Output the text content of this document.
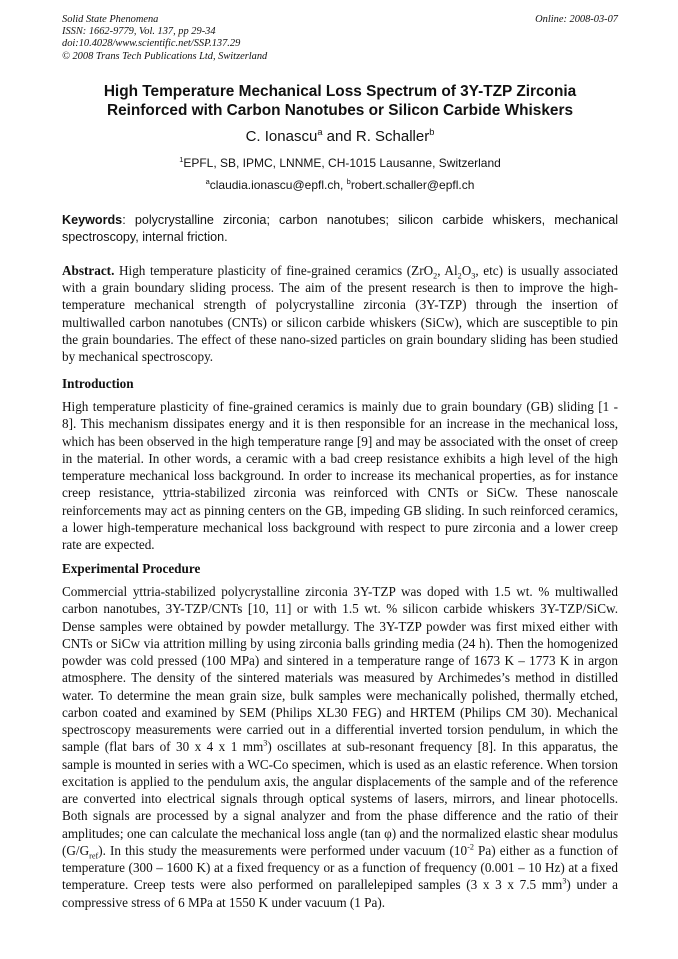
Solid State Phenomena
ISSN: 1662-9779, Vol. 137, pp 29-34
doi:10.4028/www.scientific.net/SSP.137.29
© 2008 Trans Tech Publications Ltd, Switzerland
Online: 2008-03-07
High Temperature Mechanical Loss Spectrum of 3Y-TZP Zirconia
Reinforced with Carbon Nanotubes or Silicon Carbide Whiskers
C. Ionascu$^a$ and R. Schaller$^b$
$^1$EPFL, SB, IPMC, LNNME, CH-1015 Lausanne, Switzerland
$^a$claudia.ionascu@epfl.ch, $^b$robert.schaller@epfl.ch
Keywords: polycrystalline zirconia; carbon nanotubes; silicon carbide whiskers, mechanical spectroscopy, internal friction.
Abstract. High temperature plasticity of fine-grained ceramics (ZrO$_2$, $Al_2O_3$, etc) is usually associated with a grain boundary sliding process. The aim of the present research is then to improve the high-temperature mechanical strength of polycrystalline zirconia (3Y-TZP) through the insertion of multiwalled carbon nanotubes (CNTs) or silicon carbide whiskers (SiCw), which are susceptible to pin the grain boundaries. The effect of these nano-sized particles on grain boundary sliding has been studied by mechanical spectroscopy.
Introduction
High temperature plasticity of fine-grained ceramics is mainly due to grain boundary (GB) sliding [1 - 8]. This mechanism dissipates energy and it is then responsible for an increase in the mechanical loss, which has been observed in the high temperature range [9] and may be associated with the onset of creep in the material. In other words, a ceramic with a bad creep resistance exhibits a high level of the high temperature mechanical loss background. In order to increase its mechanical properties, as for instance creep resistance, yttria-stabilized zirconia was reinforced with CNTs or SiCw. These nanoscale reinforcements may act as pinning centers on the GB, impeding GB sliding. In such reinforced ceramics, a lower high-temperature mechanical loss background with respect to pure zirconia and a lower creep rate are expected.
Experimental Procedure
Commercial yttria-stabilized polycrystalline zirconia 3Y-TZP was doped with 1.5 wt. % multiwalled carbon nanotubes, 3Y-TZP/CNTs [10, 11] or with 1.5 wt. % silicon carbide whiskers 3Y-TZP/SiCw. Dense samples were obtained by powder metallurgy. The 3Y-TZP powder was first mixed either with CNTs or SiCw via attrition milling by using zirconia balls grinding media (24 h). Then the homogenized powder was cold pressed (100 MPa) and sintered in a temperature range of 1673 K – 1773 K in argon atmosphere. The density of the sintered materials was measured by Archimedes’s method in distilled water. To determine the mean grain size, bulk samples were mechanically polished, thermally etched, carbon coated and examined by SEM (Philips XL30 FEG) and HRTEM (Philips CM 30). Mechanical spectroscopy measurements were carried out in a differential inverted torsion pendulum, in which the sample (flat bars of 30 x 4 x 1 $mm^3$) oscillates at sub-resonant frequency [8]. In this apparatus, the sample is mounted in series with a WC-Co specimen, which is used as an elastic reference. When torsion excitation is applied to the pendulum axis, the angular displacements of the sample and of the reference are converted into electrical signals through optical systems of lasers, mirrors, and linear photocells. Both signals are processed by a signal analyzer and from the phase difference and the ratio of their amplitudes; one can calculate the mechanical loss angle (tan φ) and the normalized elastic shear modulus $(G/G_{ref})$. In this study the measurements were performed under vacuum ($10^{-2}$ Pa) either as a function of temperature (300 – 1600 K) at a fixed frequency or as a function of frequency (0.001 – 10 Hz) at a fixed temperature. Creep tests were also performed on parallelepiped samples (3 x 3 x 7.5 $mm^3$) under a compressive stress of 6 MPa at 1550 K under vacuum (1 Pa).
